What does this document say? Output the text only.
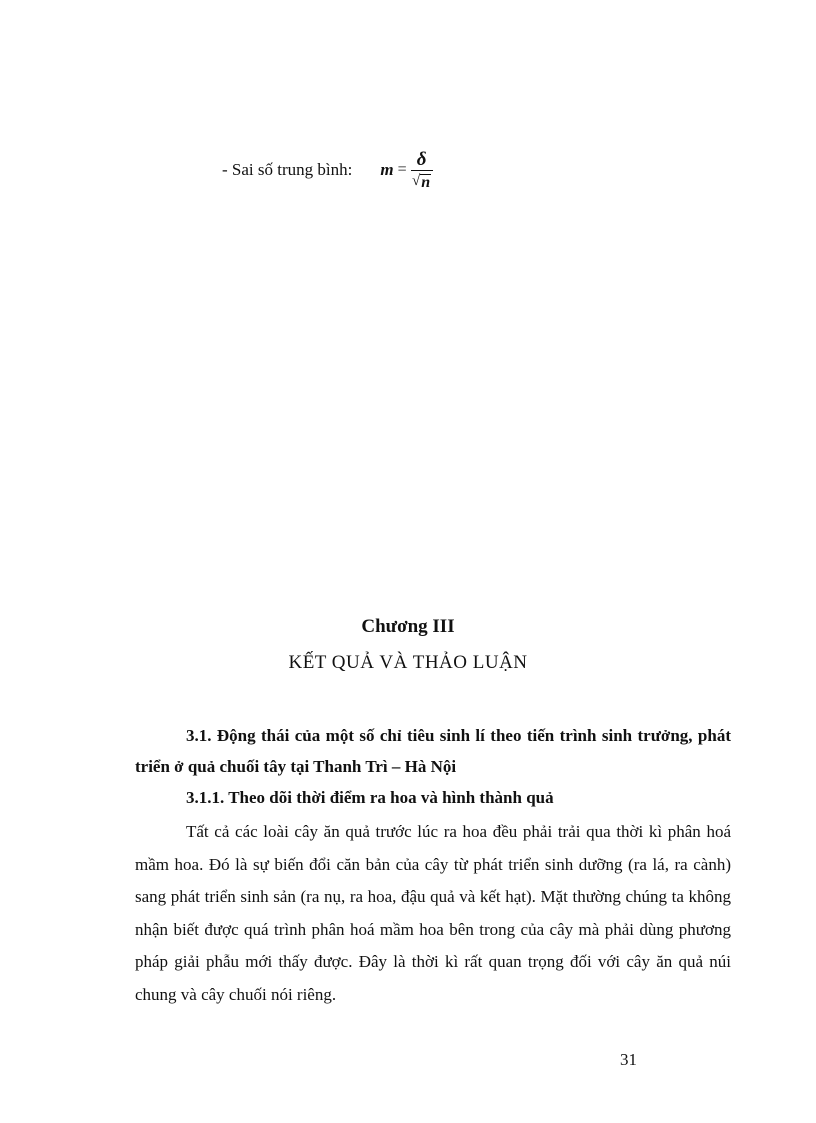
- Sai số trung bình: $m = \frac{\delta}{√ n}$
Chương III
KẾT QUẢ VÀ THẢO LUẬN
3.1. Động thái của một số chỉ tiêu sinh lí theo tiến trình sinh trưởng, phát triển ở quả chuối tây tại Thanh Trì – Hà Nội
3.1.1. Theo dõi thời điểm ra hoa và hình thành quả
Tất cả các loài cây ăn quả trước lúc ra hoa đều phải trải qua thời kì phân hoá mầm hoa. Đó là sự biến đổi căn bản của cây từ phát triển sinh dưỡng (ra lá, ra cành) sang phát triển sinh sản (ra nụ, ra hoa, đậu quả và kết hạt). Mặt thường chúng ta không nhận biết được quá trình phân hoá mầm hoa bên trong của cây mà phải dùng phương pháp giải phẫu mới thấy được. Đây là thời kì rất quan trọng đối với cây ăn quả núi chung và cây chuối nói riêng.
31
